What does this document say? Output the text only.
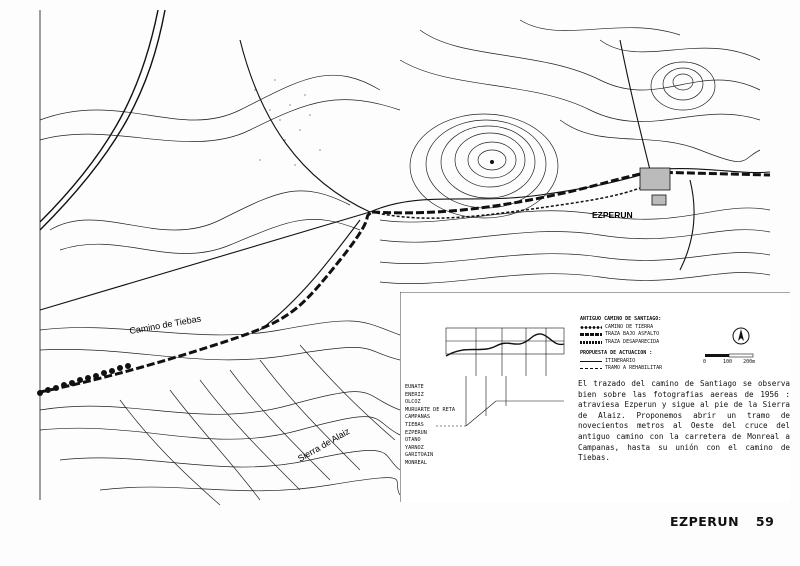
EZPERUN
Camino de Tiebas
Sierra de Alaiz
ANTIGUO CAMINO DE SANTIAGO:
CAMINO DE TIERRA
TRAZA BAJO ASFALTO
TRAZA DESAPARECIDA
PROPUESTA DE ACTUACION :
ITINERARIO
TRAMO A REHABILITAR
0	100 200m
EUNATE
ENERIZ
OLCOZ
MURUARTE DE RETA
CAMPANAS
TIEBAS
EZPERUN
OTANO
YARNOZ
GARITOAIN
MONREAL

El trazado del camino de Santiago se observa bien sobre las fotografias aereas de 1956 : atraviesa Ezperun y sigue al pie de la Sierra de Alaiz. Proponemos abrir un tramo de novecientos metros al Oeste del cruce del antiguo camino con la carretera de Monreal a Campanas, hasta su unión con el camino de Tiebas.

EZPERUN 59
